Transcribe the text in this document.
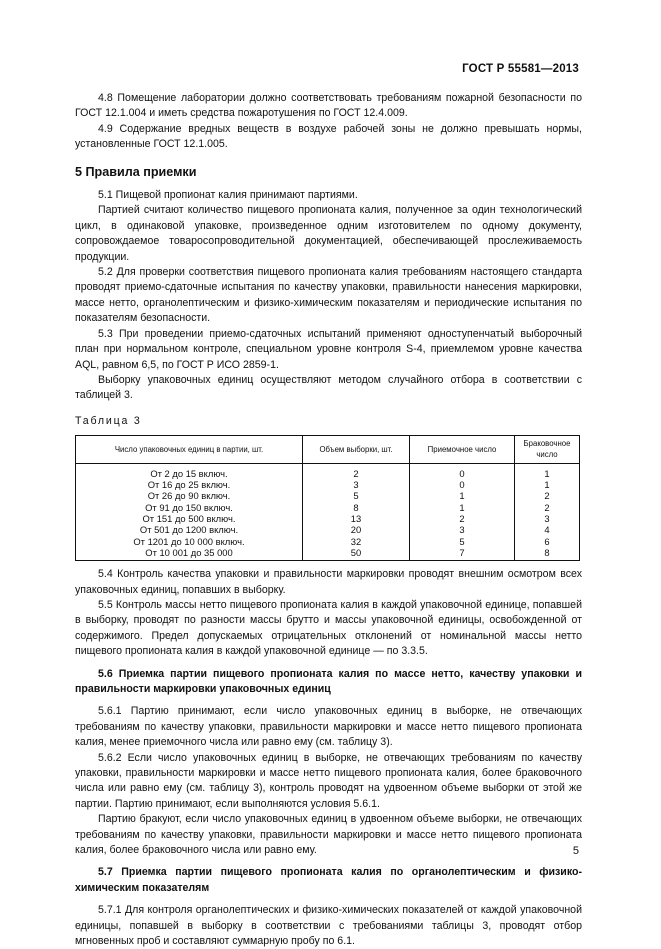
ГОСТ Р 55581—2013

4.8 Помещение лаборатории должно соответствовать требованиям пожарной безопасности по ГОСТ 12.1.004 и иметь средства пожаротушения по ГОСТ 12.4.009.

4.9 Содержание вредных веществ в воздухе рабочей зоны не должно превышать нормы, установленные ГОСТ 12.1.005.

5 Правила приемки

5.1 Пищевой пропионат калия принимают партиями.

Партией считают количество пищевого пропионата калия, полученное за один технологический цикл, в одинаковой упаковке, произведенное одним изготовителем по одному документу, сопровождаемое товаросопроводительной документацией, обеспечивающей прослеживаемость продукции.

5.2 Для проверки соответствия пищевого пропионата калия требованиям настоящего стандарта проводят приемо-сдаточные испытания по качеству упаковки, правильности нанесения маркировки, массе нетто, органолептическим и физико-химическим показателям и периодические испытания по показателям безопасности.

5.3 При проведении приемо-сдаточных испытаний применяют одноступенчатый выборочный план при нормальном контроле, специальном уровне контроля S-4, приемлемом уровне качества AQL, равном 6,5, по ГОСТ Р ИСО 2859-1.

Выборку упаковочных единиц осуществляют методом случайного отбора в соответствии с таблицей 3.

Таблица 3

Число упаковочных единиц в партии, шт.	Объем выборки, шт.	Приемочное число	Браковочное число
От 2 до 15 включ.	2	0	1
От 16 до 25 включ.	3	0	1
От 26 до 90 включ.	5	1	2
От 91 до 150 включ.	8	1	2
От 151 до 500 включ.	13	2	3
От 501 до 1200 включ.	20	3	4
От 1201 до 10 000 включ.	32	5	6
От 10 001 до 35 000	50	7	8

5.4 Контроль качества упаковки и правильности маркировки проводят внешним осмотром всех упаковочных единиц, попавших в выборку.

5.5 Контроль массы нетто пищевого пропионата калия в каждой упаковочной единице, попавшей в выборку, проводят по разности массы брутто и массы упаковочной единицы, освобожденной от содержимого. Предел допускаемых отрицательных отклонений от номинальной массы нетто пищевого пропионата калия в каждой упаковочной единице — по 3.3.5.

5.6 Приемка партии пищевого пропионата калия по массе нетто, качеству упаковки и правильности маркировки упаковочных единиц

5.6.1 Партию принимают, если число упаковочных единиц в выборке, не отвечающих требованиям по качеству упаковки, правильности маркировки и массе нетто пищевого пропионата калия, менее приемочного числа или равно ему (см. таблицу 3).

5.6.2 Если число упаковочных единиц в выборке, не отвечающих требованиям по качеству упаковки, правильности маркировки и массе нетто пищевого пропионата калия, более браковочного числа или равно ему (см. таблицу 3), контроль проводят на удвоенном объеме выборки от этой же партии. Партию принимают, если выполняются условия 5.6.1.

Партию бракуют, если число упаковочных единиц в удвоенном объеме выборки, не отвечающих требованиям по качеству упаковки, правильности маркировки и массе нетто пищевого пропионата калия, более браковочного числа или равно ему.

5.7 Приемка партии пищевого пропионата калия по органолептическим и физико-химическим показателям

5.7.1 Для контроля органолептических и физико-химических показателей от каждой упаковочной единицы, попавшей в выборку в соответствии с требованиями таблицы 3, проводят отбор мгновенных проб и составляют суммарную пробу по 6.1.

5
